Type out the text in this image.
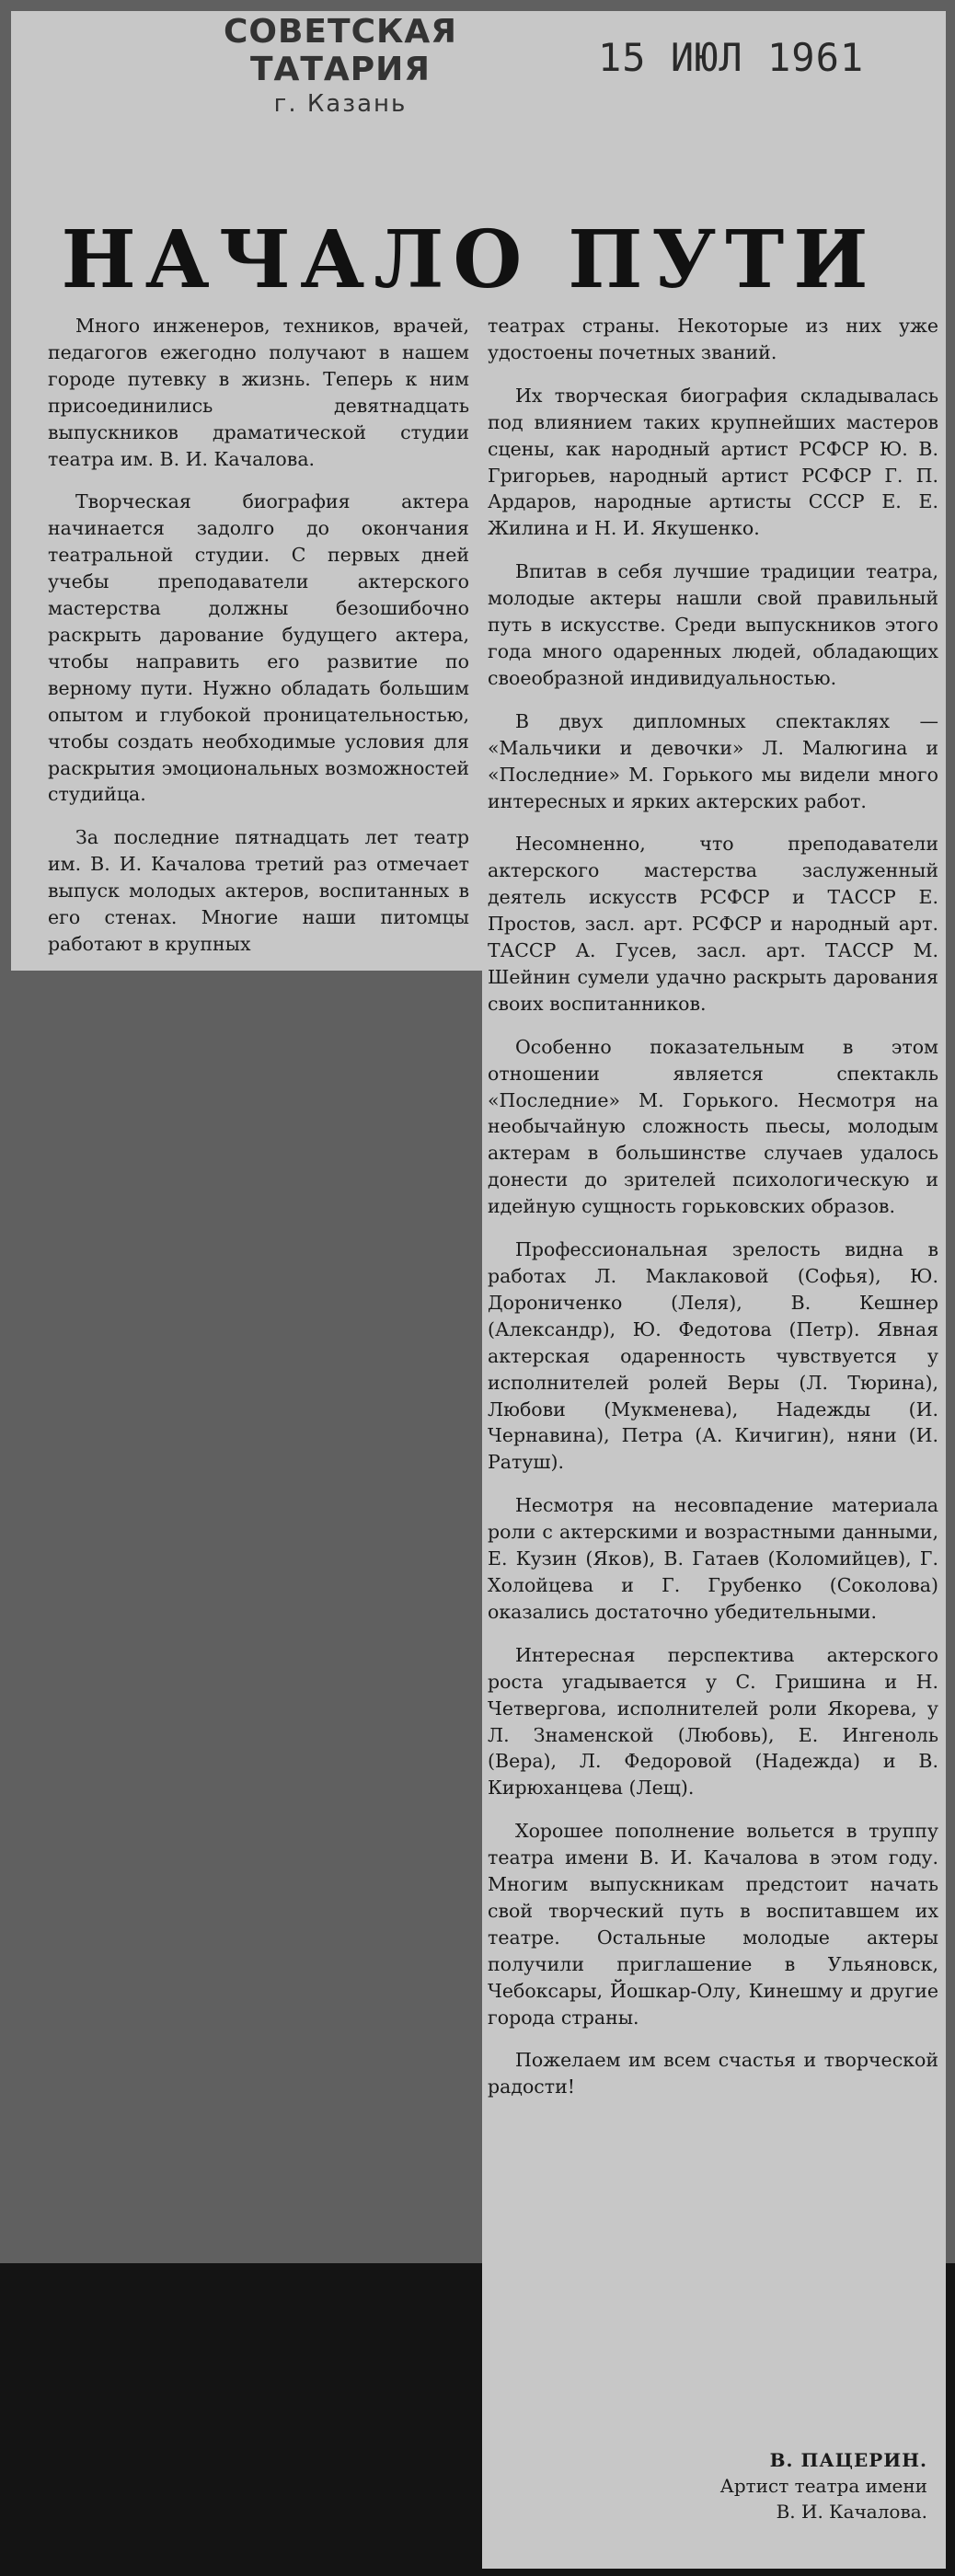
СОВЕТСКАЯ ТАТАРИЯ
г. Казань
15 ИЮЛ 1961
НАЧАЛО ПУТИ

Много инженеров, техников, врачей, педагогов ежегодно получают в нашем городе путевку в жизнь. Теперь к ним присоединились девятнадцать выпускников драматической студии театра им. В. И. Качалова.

Творческая биография актера начинается задолго до окончания театральной студии. С первых дней учебы преподаватели актерского мастерства должны безошибочно раскрыть дарование будущего актера, чтобы направить его развитие по верному пути. Нужно обладать большим опытом и глубокой проницательностью, чтобы создать необходимые условия для раскрытия эмоциональных возможностей студийца.

За последние пятнадцать лет театр им. В. И. Качалова третий раз отмечает выпуск молодых актеров, воспитанных в его стенах. Многие наши питомцы работают в крупных

театрах страны. Некоторые из них уже удостоены почетных званий.

Их творческая биография складывалась под влиянием таких крупнейших мастеров сцены, как народный артист РСФСР Ю. В. Григорьев, народный артист РСФСР Г. П. Ардаров, народные артисты СССР Е. Е. Жилина и Н. И. Якушенко.

Впитав в себя лучшие традиции театра, молодые актеры нашли свой правильный путь в искусстве. Среди выпускников этого года много одаренных людей, обладающих своеобразной индивидуальностью.

В двух дипломных спектаклях — «Мальчики и девочки» Л. Малюгина и «Последние» М. Горького мы видели много интересных и ярких актерских работ.

Несомненно, что преподаватели актерского мастерства заслуженный деятель искусств РСФСР и ТАССР Е. Простов, засл. арт. РСФСР и народный арт. ТАССР А. Гусев, засл. арт. ТАССР М. Шейнин сумели удачно раскрыть дарования своих воспитанников.

Особенно показательным в этом отношении является спектакль «Последние» М. Горького. Несмотря на необычайную сложность пьесы, молодым актерам в большинстве случаев удалось донести до зрителей психологическую и идейную сущность горьковских образов.

Профессиональная зрелость видна в работах Л. Маклаковой (Софья), Ю. Дорониченко (Леля), В. Кешнер (Александр), Ю. Федотова (Петр). Явная актерская одаренность чувствуется у исполнителей ролей Веры (Л. Тюрина), Любови (Мукменева), Надежды (И. Чернавина), Петра (А. Кичигин), няни (И. Ратуш).

Несмотря на несовпадение материала роли с актерскими и возрастными данными, Е. Кузин (Яков), В. Гатаев (Коломийцев), Г. Холойцева и Г. Грубенко (Соколова) оказались достаточно убедительными.

Интересная перспектива актерского роста угадывается у С. Гришина и Н. Четвергова, исполнителей роли Якорева, у Л. Знаменской (Любовь), Е. Ингеноль (Вера), Л. Федоровой (Надежда) и В. Кирюханцева (Лещ).

Хорошее пополнение вольется в труппу театра имени В. И. Качалова в этом году. Многим выпускникам предстоит начать свой творческий путь в воспитавшем их театре. Остальные молодые актеры получили приглашение в Ульяновск, Чебоксары, Йошкар-Олу, Кинешму и другие города страны.

Пожелаем им всем счастья и творческой радости!

В. ПАЦЕРИН.
Артист театра имени
В. И. Качалова.
